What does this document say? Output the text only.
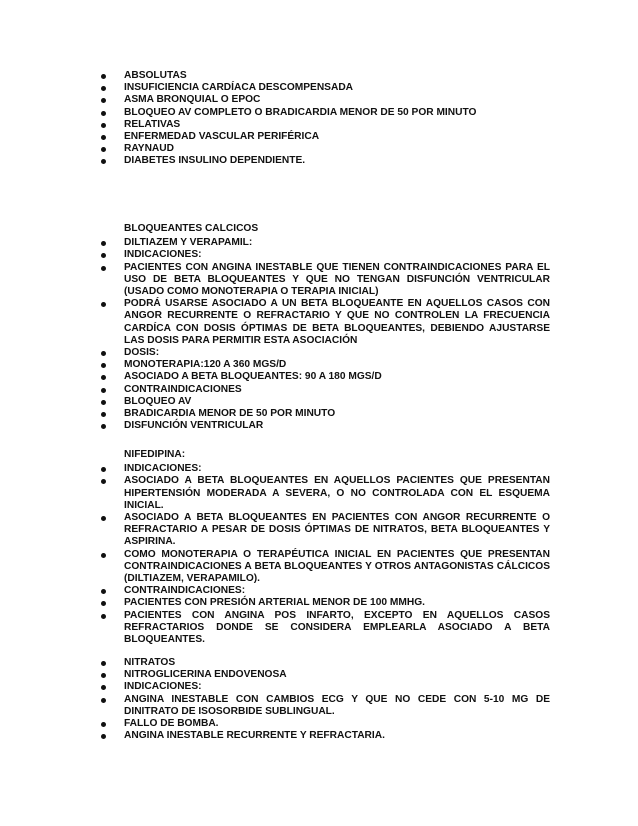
ABSOLUTAS
INSUFICIENCIA CARDÍACA DESCOMPENSADA
ASMA BRONQUIAL O EPOC
BLOQUEO AV COMPLETO O BRADICARDIA MENOR DE 50 POR MINUTO
RELATIVAS
ENFERMEDAD VASCULAR PERIFÉRICA
RAYNAUD
DIABETES INSULINO DEPENDIENTE.
BLOQUEANTES CALCICOS
DILTIAZEM Y VERAPAMIL:
INDICACIONES:
PACIENTES CON ANGINA INESTABLE QUE TIENEN CONTRAINDICACIONES PARA EL USO DE BETA BLOQUEANTES Y QUE NO TENGAN DISFUNCIÓN VENTRICULAR (USADO COMO MONOTERAPIA O TERAPIA INICIAL)
PODRÁ USARSE ASOCIADO A UN BETA BLOQUEANTE EN AQUELLOS CASOS CON ANGOR RECURRENTE O REFRACTARIO Y QUE NO CONTROLEN LA FRECUENCIA CARDÍCA CON DOSIS ÓPTIMAS DE BETA BLOQUEANTES, DEBIENDO AJUSTARSE LAS DOSIS PARA PERMITIR ESTA ASOCIACIÓN
DOSIS:
MONOTERAPIA:120 A 360 MGS/D
ASOCIADO A BETA BLOQUEANTES: 90 A 180 MGS/D
CONTRAINDICACIONES
BLOQUEO AV
BRADICARDIA MENOR DE 50 POR MINUTO
DISFUNCIÓN VENTRICULAR
NIFEDIPINA:
INDICACIONES:
ASOCIADO A BETA BLOQUEANTES EN AQUELLOS PACIENTES QUE PRESENTAN HIPERTENSIÓN MODERADA A SEVERA, O NO CONTROLADA CON EL ESQUEMA INICIAL.
ASOCIADO A BETA BLOQUEANTES EN PACIENTES CON ANGOR RECURRENTE O REFRACTARIO A PESAR DE DOSIS ÓPTIMAS DE NITRATOS, BETA BLOQUEANTES Y ASPIRINA.
COMO MONOTERAPIA O TERAPÉUTICA INICIAL EN PACIENTES QUE PRESENTAN CONTRAINDICACIONES A BETA BLOQUEANTES Y OTROS ANTAGONISTAS CÁLCICOS (DILTIAZEM, VERAPAMILO).
CONTRAINDICACIONES:
PACIENTES CON PRESIÓN ARTERIAL MENOR DE 100 MMHG.
PACIENTES CON ANGINA POS INFARTO, EXCEPTO EN AQUELLOS CASOS REFRACTARIOS DONDE SE CONSIDERA EMPLEARLA ASOCIADO A BETA BLOQUEANTES.
NITRATOS
NITROGLICERINA ENDOVENOSA
INDICACIONES:
ANGINA INESTABLE CON CAMBIOS ECG Y QUE NO CEDE CON 5-10 MG DE DINITRATO DE ISOSORBIDE SUBLINGUAL.
FALLO DE BOMBA.
ANGINA INESTABLE RECURRENTE Y REFRACTARIA.
